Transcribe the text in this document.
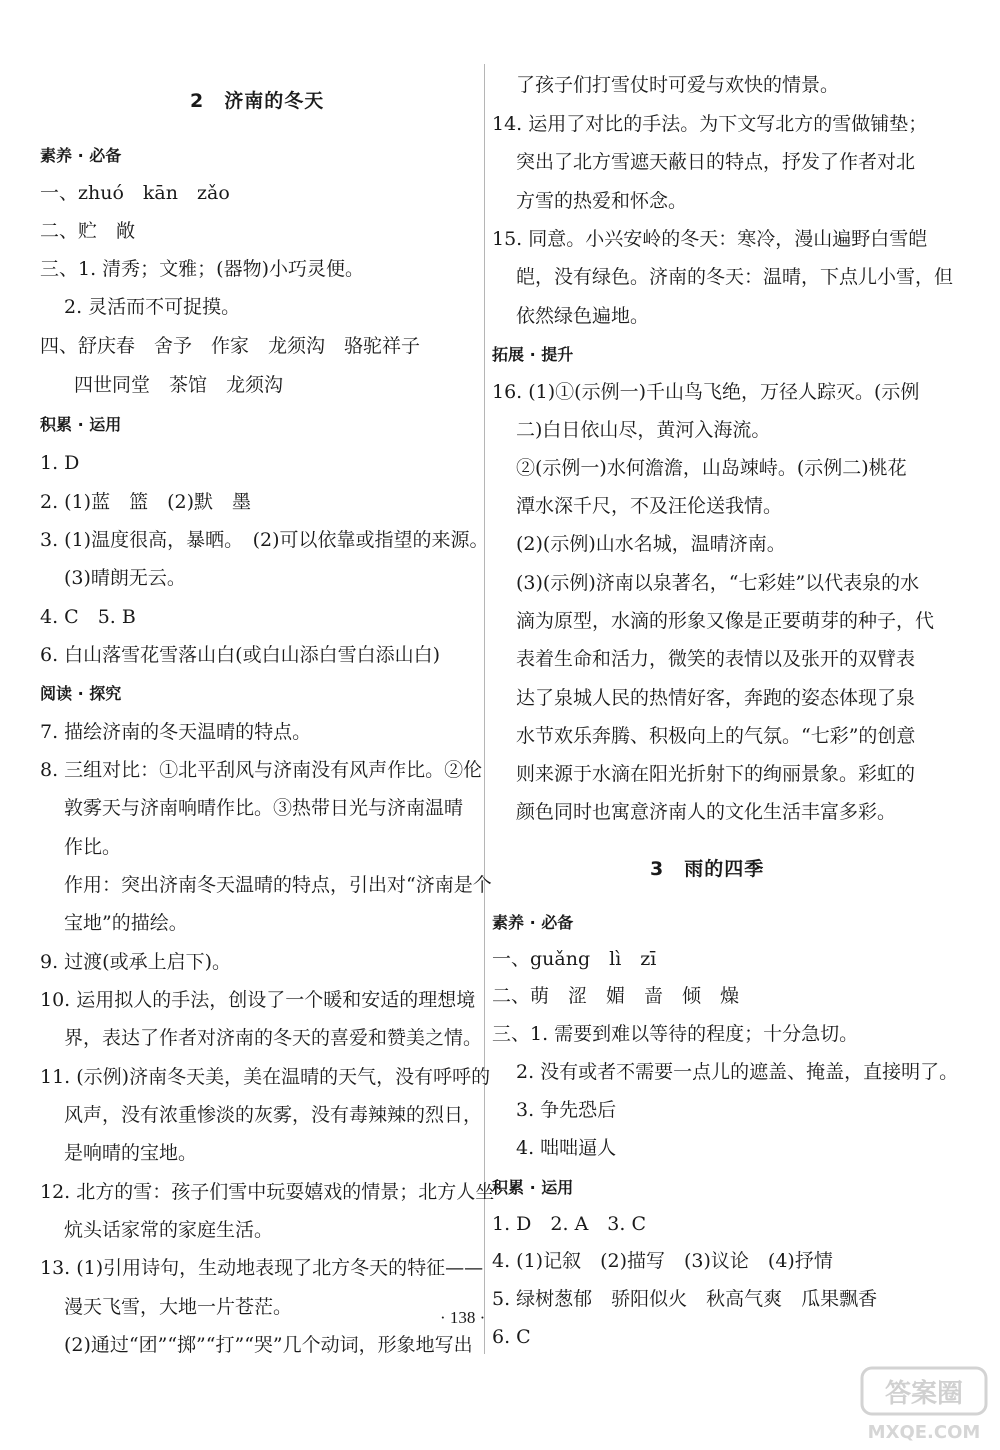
2　济南的冬天
素养 · 必备
一、zhuó　kān　zǎo
二、贮　敞
三、1. 清秀；文雅；(器物)小巧灵便。
2. 灵活而不可捉摸。
四、舒庆春　舍予　作家　龙须沟　骆驼祥子
四世同堂　茶馆　龙须沟
积累 · 运用
1. D
2. (1)蓝　篮　(2)默　墨
3. (1)温度很高，暴晒。　(2)可以依靠或指望的来源。
(3)晴朗无云。
4. C　5. B
6. 白山落雪花雪落山白(或白山添白雪白添山白)
阅读 · 探究
7. 描绘济南的冬天温晴的特点。
8. 三组对比：①北平刮风与济南没有风声作比。②伦
敦雾天与济南响晴作比。③热带日光与济南温晴
作比。
作用：突出济南冬天温晴的特点，引出对“济南是个
宝地”的描绘。
9. 过渡(或承上启下)。
10. 运用拟人的手法，创设了一个暖和安适的理想境
界，表达了作者对济南的冬天的喜爱和赞美之情。
11. (示例)济南冬天美，美在温晴的天气，没有呼呼的
风声，没有浓重惨淡的灰雾，没有毒辣辣的烈日，
是响晴的宝地。
12. 北方的雪：孩子们雪中玩耍嬉戏的情景；北方人坐
炕头话家常的家庭生活。
13. (1)引用诗句，生动地表现了北方冬天的特征——
漫天飞雪，大地一片苍茫。
(2)通过“团”“掷”“打”“哭”几个动词，形象地写出
了孩子们打雪仗时可爱与欢快的情景。
14. 运用了对比的手法。为下文写北方的雪做铺垫；
突出了北方雪遮天蔽日的特点，抒发了作者对北
方雪的热爱和怀念。
15. 同意。小兴安岭的冬天：寒冷，漫山遍野白雪皑
皑，没有绿色。济南的冬天：温晴，下点儿小雪，但
依然绿色遍地。
拓展 · 提升
16. (1)①(示例一)千山鸟飞绝，万径人踪灭。(示例
二)白日依山尽，黄河入海流。
②(示例一)水何澹澹，山岛竦峙。(示例二)桃花
潭水深千尺，不及汪伦送我情。
(2)(示例)山水名城，温晴济南。
(3)(示例)济南以泉著名，“七彩娃”以代表泉的水
滴为原型，水滴的形象又像是正要萌芽的种子，代
表着生命和活力，微笑的表情以及张开的双臂表
达了泉城人民的热情好客，奔跑的姿态体现了泉
水节欢乐奔腾、积极向上的气氛。“七彩”的创意
则来源于水滴在阳光折射下的绚丽景象。彩虹的
颜色同时也寓意济南人的文化生活丰富多彩。
3　雨的四季
素养 · 必备
一、guǎng　lì　zī
二、萌　涩　媚　啬　倾　燥
三、1. 需要到难以等待的程度；十分急切。
2. 没有或者不需要一点儿的遮盖、掩盖，直接明了。
3. 争先恐后
4. 咄咄逼人
积累 · 运用
1. D　2. A　3. C
4. (1)记叙　(2)描写　(3)议论　(4)抒情
5. 绿树葱郁　骄阳似火　秋高气爽　瓜果飘香
6. C
· 138 ·
答案圈
MXQE.COM
